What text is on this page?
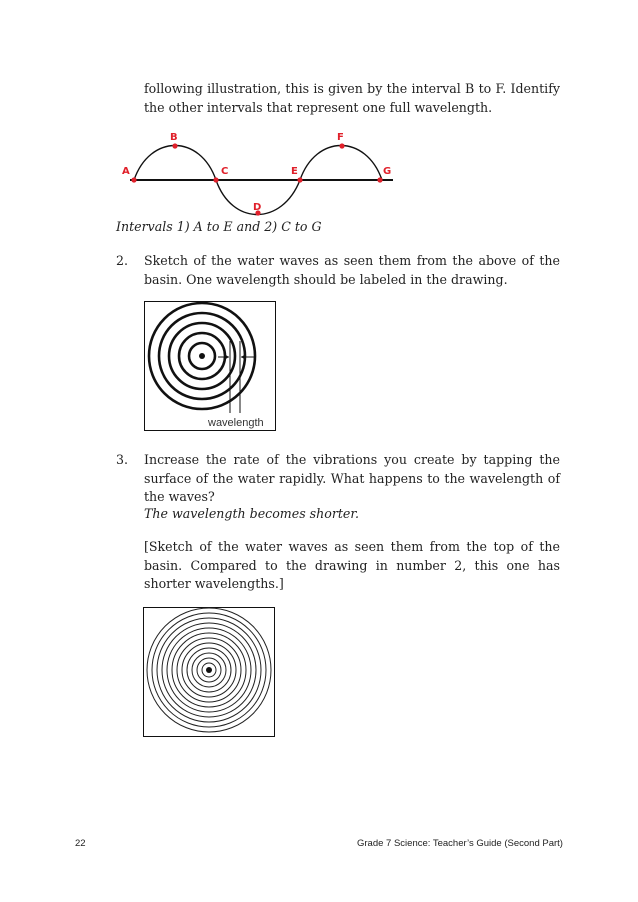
following illustration, this is given by the interval B to F. Identify the other intervals that represent one full wavelength.

A
B
C
D
E
F
G

Intervals 1) A to E and 2) C to G

2. Sketch of the water waves as seen them from the above of the basin. One wavelength should be labeled in the drawing.

wavelength
3. Increase the rate of the vibrations you create by tapping the surface of the water rapidly. What happens to the wavelength of the waves?

The wavelength becomes shorter.

[Sketch of the water waves as seen them from the top of the basin. Compared to the drawing in number 2, this one has shorter wavelengths.]

22	Grade 7 Science: Teacher’s Guide (Second Part)
